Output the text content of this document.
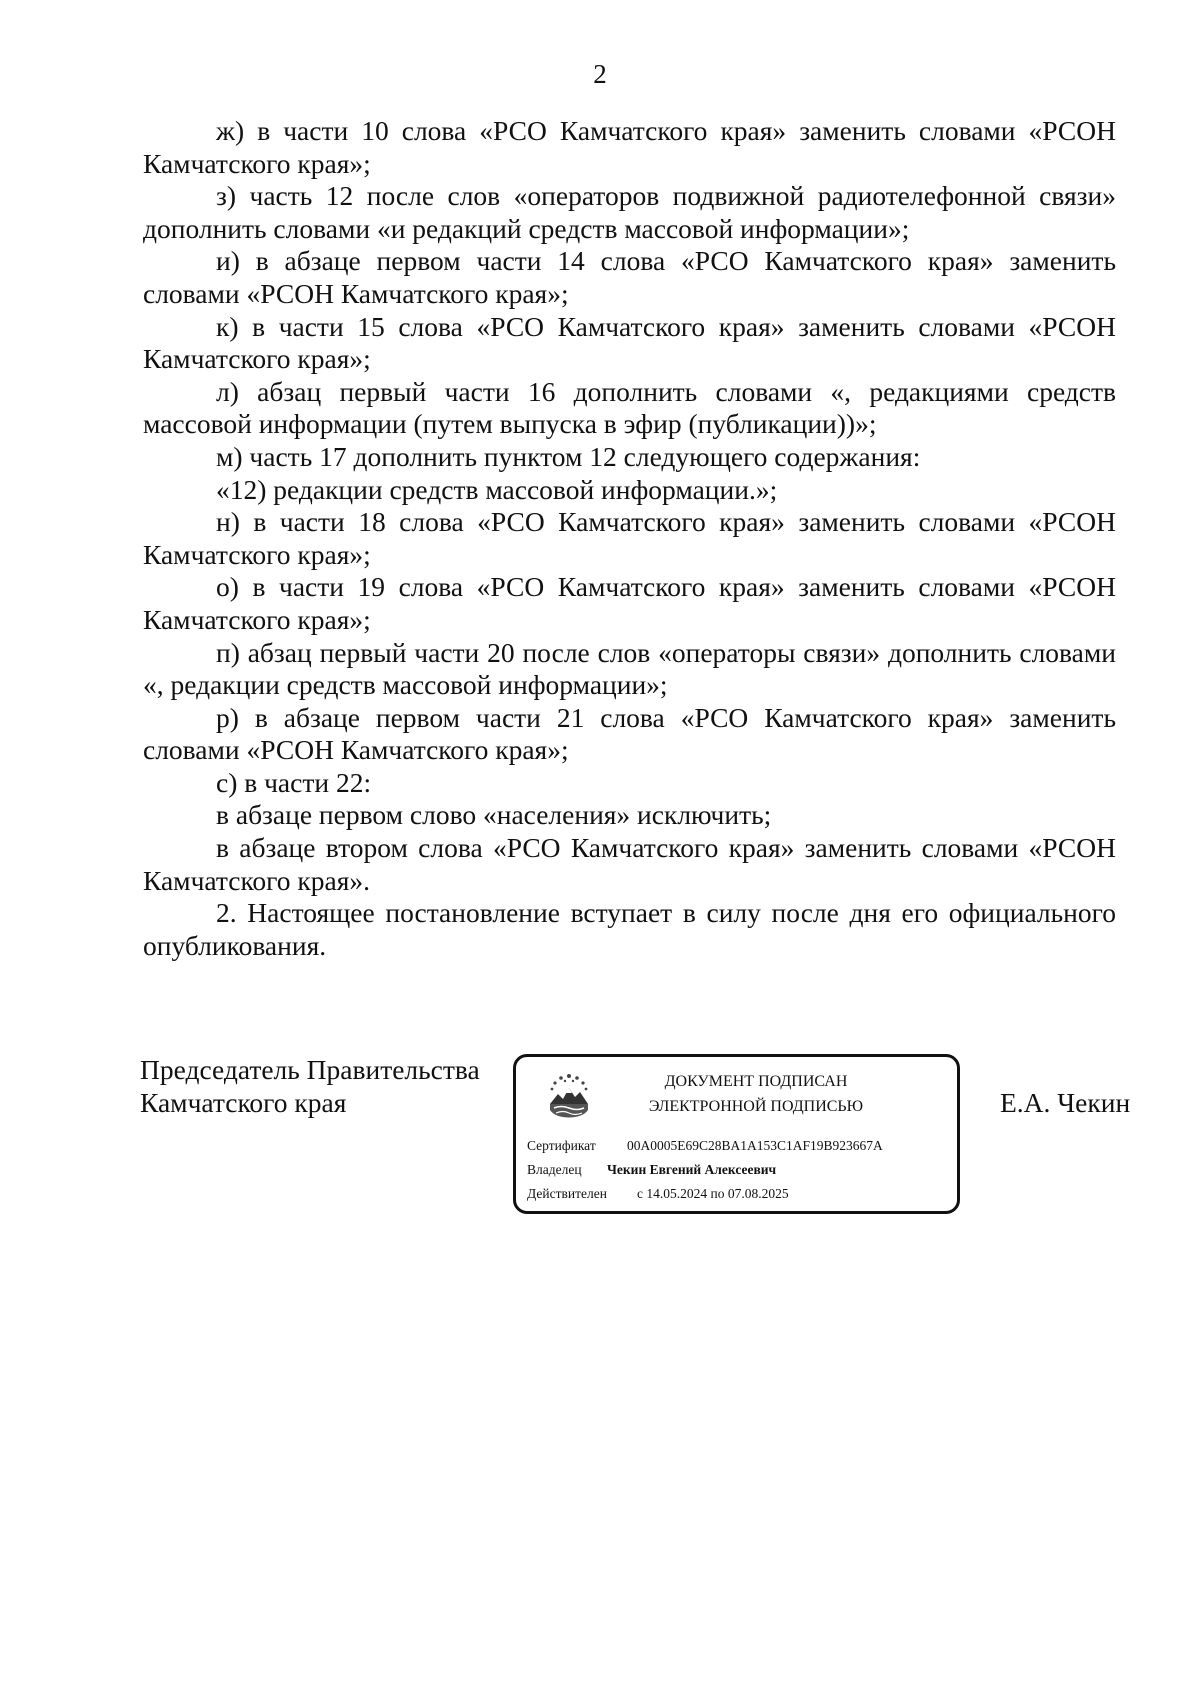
2

ж) в части 10 слова «РСО Камчатского края» заменить словами «РСОН Камчатского края»;

з) часть 12 после слов «операторов подвижной радиотелефонной связи» дополнить словами «и редакций средств массовой информации»;

и) в абзаце первом части 14 слова «РСО Камчатского края» заменить словами «РСОН Камчатского края»;

к) в части 15 слова «РСО Камчатского края» заменить словами «РСОН Камчатского края»;

л) абзац первый части 16 дополнить словами «, редакциями средств массовой информации (путем выпуска в эфир (публикации))»;

м) часть 17 дополнить пунктом 12 следующего содержания:

«12) редакции средств массовой информации.»;

н) в части 18 слова «РСО Камчатского края» заменить словами «РСОН Камчатского края»;

о) в части 19 слова «РСО Камчатского края» заменить словами «РСОН Камчатского края»;

п) абзац первый части 20 после слов «операторы связи» дополнить словами «, редакции средств массовой информации»;

р) в абзаце первом части 21 слова «РСО Камчатского края» заменить словами «РСОН Камчатского края»;

с) в части 22:

в абзаце первом слово «населения» исключить;

в абзаце втором слова «РСО Камчатского края» заменить словами «РСОН Камчатского края».

2. Настоящее постановление вступает в силу после дня его официального опубликования.

Председатель Правительства
Камчатского края
ДОКУМЕНТ ПОДПИСАН
ЭЛЕКТРОННОЙ ПОДПИСЬЮ
Сертификат 00A0005E69C28BA1A153C1AF19B923667A
Владелец Чекин Евгений Алексеевич
Действителен с 14.05.2024 по 07.08.2025
Е.А. Чекин
